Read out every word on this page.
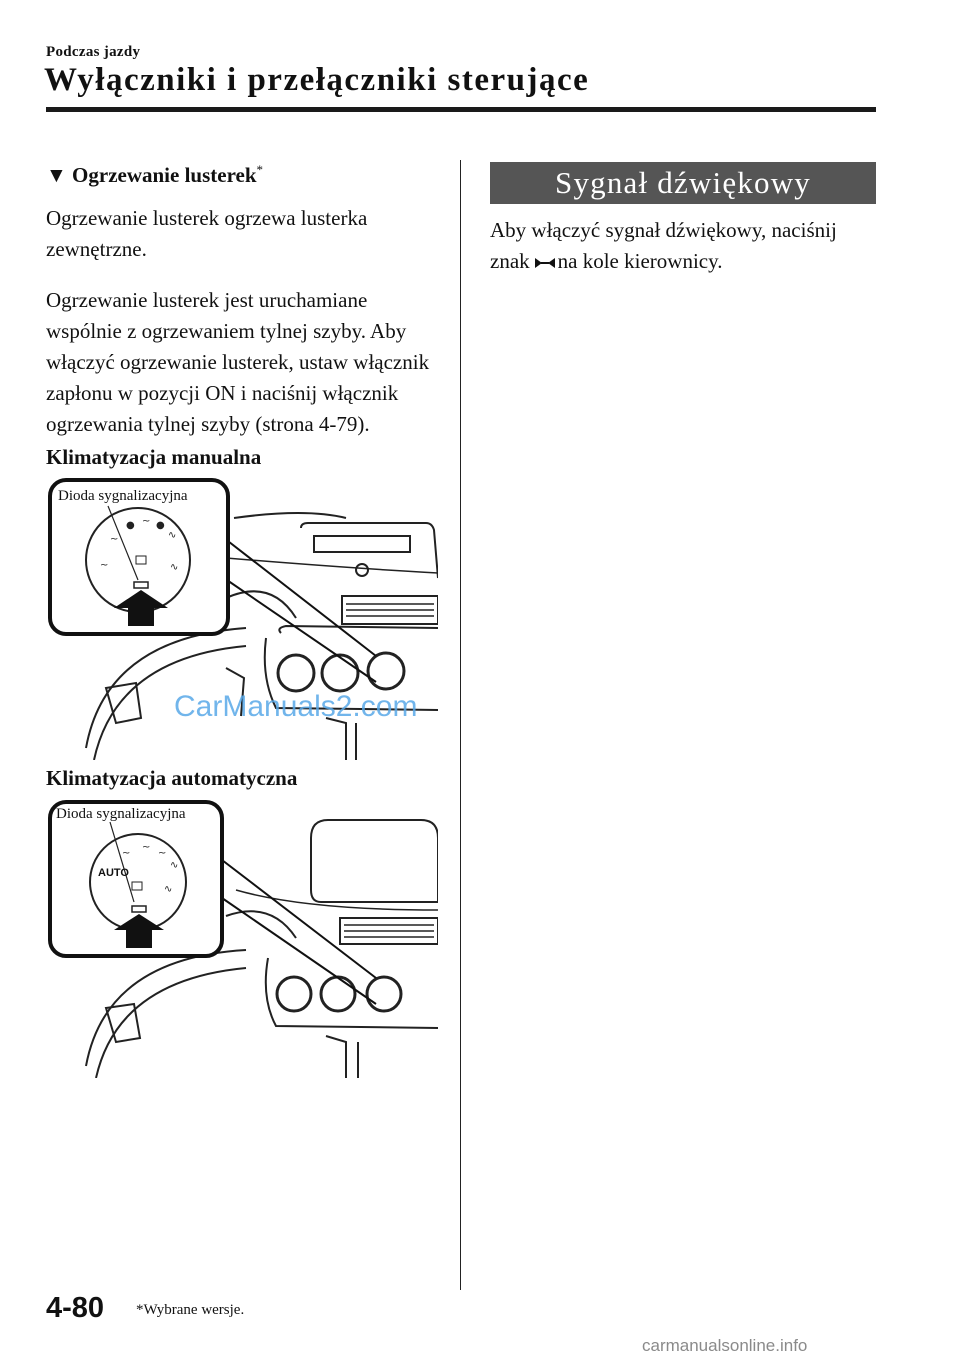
Podczas jazdy
Wyłączniki i przełączniki sterujące
▼ Ogrzewanie lusterek*
Ogrzewanie lusterek ogrzewa lusterka zewnętrzne.
Ogrzewanie lusterek jest uruchamiane wspólnie z ogrzewaniem tylnej szyby. Aby włączyć ogrzewanie lusterek, ustaw włącznik zapłonu w pozycji ON i naciśnij włącznik ogrzewania tylnej szyby (strona 4-79).
Klimatyzacja manualna
~
● ~ ●
∿
~	∿
Dioda sygnalizacyjna
CarManuals2.com
Klimatyzacja automatyczna
AUTO
~
~
~
∿
∿
Dioda sygnalizacyjna
Sygnał dźwiękowy
Aby włączyć sygnał dźwiękowy, naciśnij znak na kole kierownicy.
4-80 *Wybrane wersje.
carmanualsonline.info
